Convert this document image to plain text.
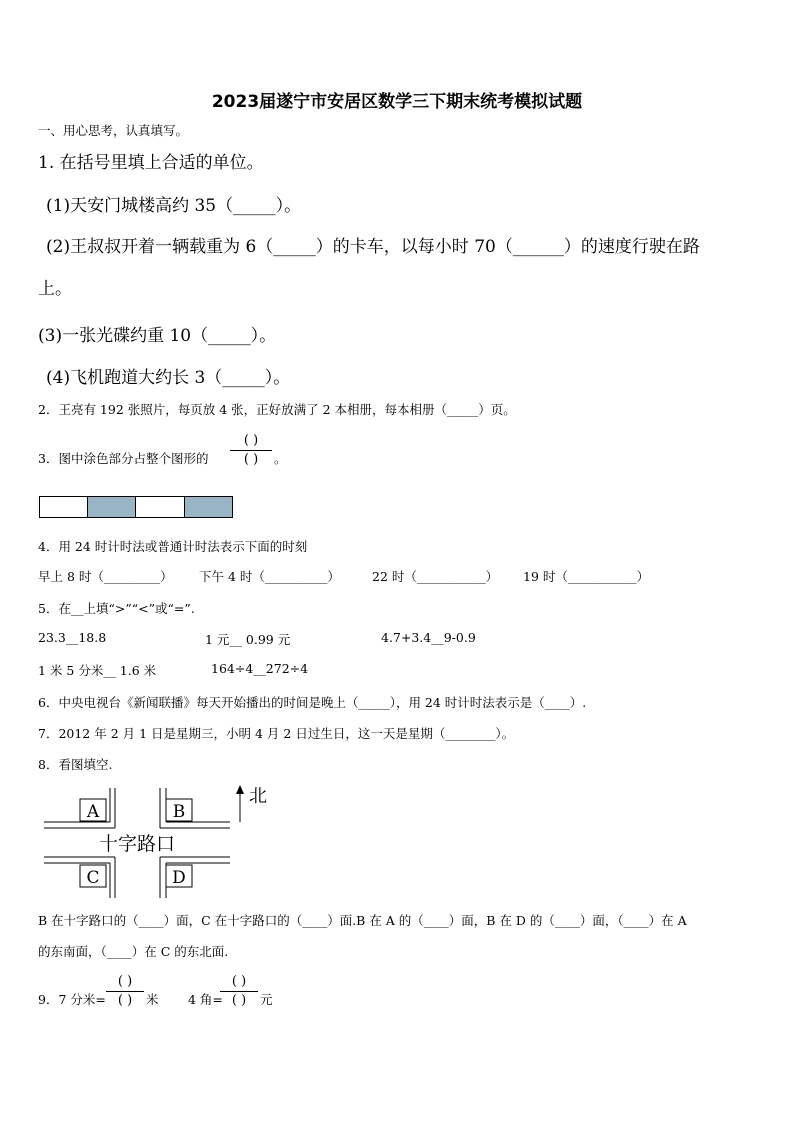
2023届遂宁市安居区数学三下期末统考模拟试题
一、用心思考，认真填写。
1. 在括号里填上合适的单位。
(1)天安门城楼高约 35（_____）。
(2)王叔叔开着一辆载重为 6（_____）的卡车，以每小时 70（______）的速度行驶在路
上。
(3)一张光碟约重 10（_____）。
(4)飞机跑道大约长 3（_____）。
2．王亮有 192 张照片，每页放 4 张，正好放满了 2 本相册，每本相册（_____）页。
3．图中涂色部分占整个图形的
( )
( )	。
4．用 24 时计时法或普通计时法表示下面的时刻
早上 8 时（_________） 下午 4 时（__________）	22 时（___________） 19 时（___________）
5．在__上填“>”“<”或“=”.
23.3__18.8	1 元__ 0.99 元	4.7+3.4__9-0.9
1 米 5 分米__ 1.6 米	164÷4__272÷4
6．中央电视台《新闻联播》每天开始播出的时间是晚上（_____），用 24 时计时法表示是（____）.
7．2012 年 2 月 1 日是星期三，小明 4 月 2 日过生日，这一天是星期（________）。
8．看图填空.
A	B
C	D
十字路口
北
B 在十字路口的（____）面，C 在十字路口的（____）面.B 在 A 的（____）面，B 在 D 的（____）面，（____）在 A
的东南面，（____）在 C 的东北面.
9．7 分米=
( )
( )	米 4 角=
( )
( )	元
